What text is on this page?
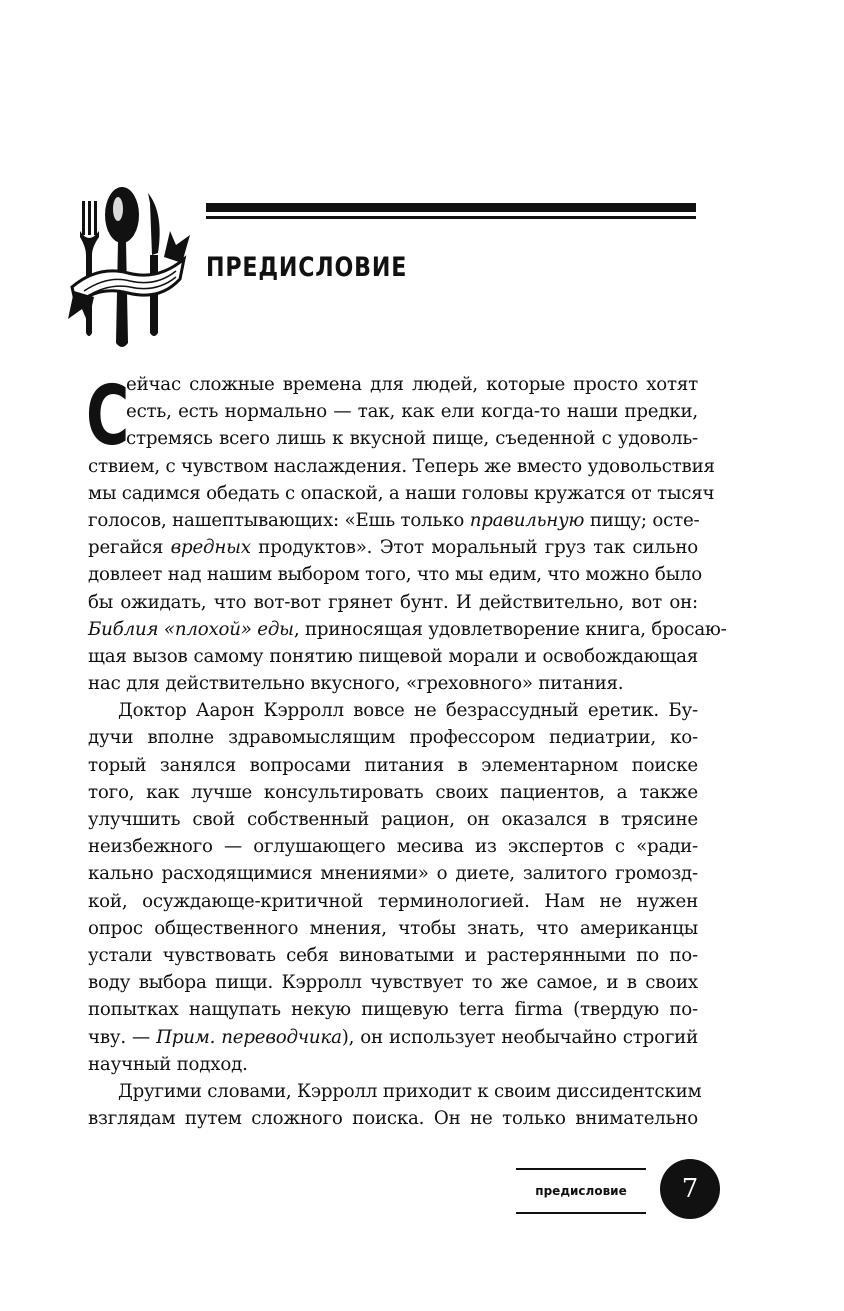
ПРЕДИСЛОВИЕ
С
ейчас сложные времена для людей, которые просто хотят
есть, есть нормально — так, как ели когда-то наши предки,
стремясь всего лишь к вкусной пище, съеденной с удоволь-
ствием, с чувством наслаждения. Теперь же вместо удовольствия
мы садимся обедать с опаской, а наши головы кружатся от тысяч
голосов, нашептывающих: «Ешь только правильную пищу; осте-
регайся вредных продуктов». Этот моральный груз так сильно
довлеет над нашим выбором того, что мы едим, что можно было
бы ожидать, что вот-вот грянет бунт. И действительно, вот он:
Библия «плохой» еды, приносящая удовлетворение книга, бросаю-
щая вызов самому понятию пищевой морали и освобождающая
нас для действительно вкусного, «греховного» питания.
Доктор Аарон Кэрролл вовсе не безрассудный еретик. Бу-
дучи вполне здравомыслящим профессором педиатрии, ко-
торый занялся вопросами питания в элементарном поиске
того, как лучше консультировать своих пациентов, а также
улучшить свой собственный рацион, он оказался в трясине
неизбежного — оглушающего месива из экспертов с «ради-
кально расходящимися мнениями» о диете, залитого громозд-
кой, осуждающе-критичной терминологией. Нам не нужен
опрос общественного мнения, чтобы знать, что американцы
устали чувствовать себя виноватыми и растерянными по по-
воду выбора пищи. Кэрролл чувствует то же самое, и в своих
попытках нащупать некую пищевую terra firma (твердую по-
чву. — Прим. переводчика), он использует необычайно строгий
научный подход.
Другими словами, Кэрролл приходит к своим диссидентским
взглядам путем сложного поиска. Он не только внимательно
предисловие	7
